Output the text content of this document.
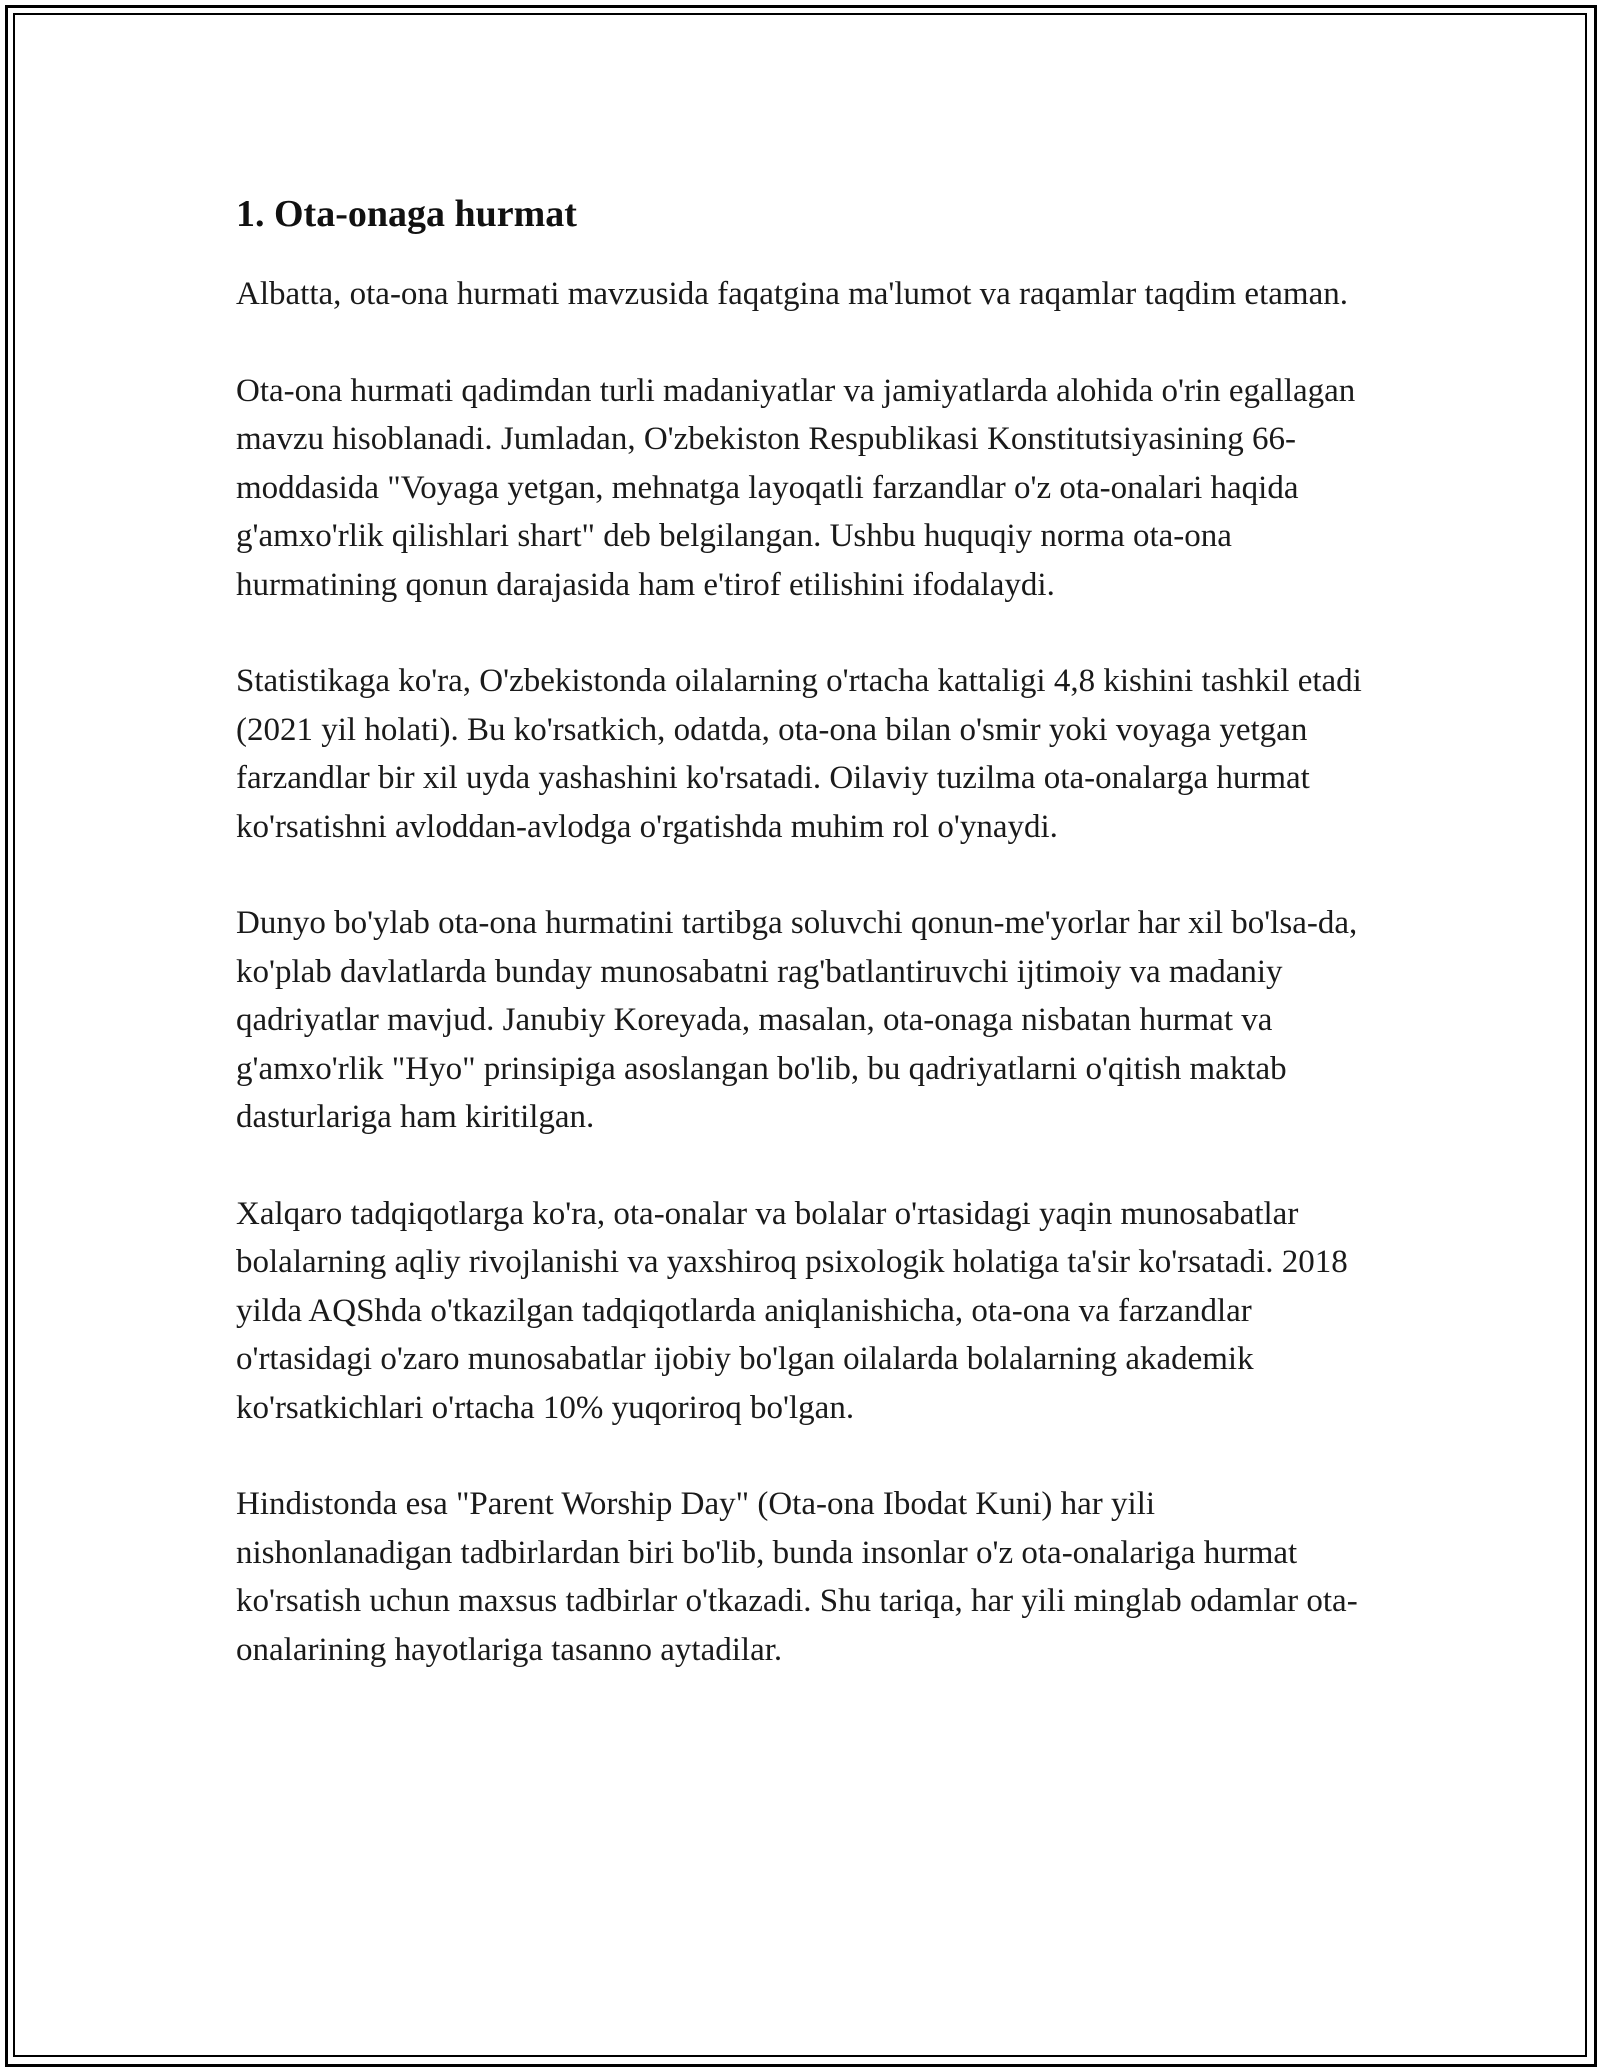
1. Ota-onaga hurmat

Albatta, ota-ona hurmati mavzusida faqatgina ma'lumot va raqamlar taqdim etaman.

Ota-ona hurmati qadimdan turli madaniyatlar va jamiyatlarda alohida o'rin egallagan mavzu hisoblanadi. Jumladan, O'zbekiston Respublikasi Konstitutsiyasining 66-moddasida "Voyaga yetgan, mehnatga layoqatli farzandlar o'z ota-onalari haqida g'amxo'rlik qilishlari shart" deb belgilangan. Ushbu huquqiy norma ota-ona hurmatining qonun darajasida ham e'tirof etilishini ifodalaydi.

Statistikaga ko'ra, O'zbekistonda oilalarning o'rtacha kattaligi 4,8 kishini tashkil etadi (2021 yil holati). Bu ko'rsatkich, odatda, ota-ona bilan o'smir yoki voyaga yetgan farzandlar bir xil uyda yashashini ko'rsatadi. Oilaviy tuzilma ota-onalarga hurmat ko'rsatishni avloddan-avlodga o'rgatishda muhim rol o'ynaydi.

Dunyo bo'ylab ota-ona hurmatini tartibga soluvchi qonun-me'yorlar har xil bo'lsa-da, ko'plab davlatlarda bunday munosabatni rag'batlantiruvchi ijtimoiy va madaniy qadriyatlar mavjud. Janubiy Koreyada, masalan, ota-onaga nisbatan hurmat va g'amxo'rlik "Hyo" prinsipiga asoslangan bo'lib, bu qadriyatlarni o'qitish maktab dasturlariga ham kiritilgan.

Xalqaro tadqiqotlarga ko'ra, ota-onalar va bolalar o'rtasidagi yaqin munosabatlar bolalarning aqliy rivojlanishi va yaxshiroq psixologik holatiga ta'sir ko'rsatadi. 2018 yilda AQShda o'tkazilgan tadqiqotlarda aniqlanishicha, ota-ona va farzandlar o'rtasidagi o'zaro munosabatlar ijobiy bo'lgan oilalarda bolalarning akademik ko'rsatkichlari o'rtacha 10% yuqoriroq bo'lgan.

Hindistonda esa "Parent Worship Day" (Ota-ona Ibodat Kuni) har yili nishonlanadigan tadbirlardan biri bo'lib, bunda insonlar o'z ota-onalariga hurmat ko'rsatish uchun maxsus tadbirlar o'tkazadi. Shu tariqa, har yili minglab odamlar ota-onalarining hayotlariga tasanno aytadilar.
